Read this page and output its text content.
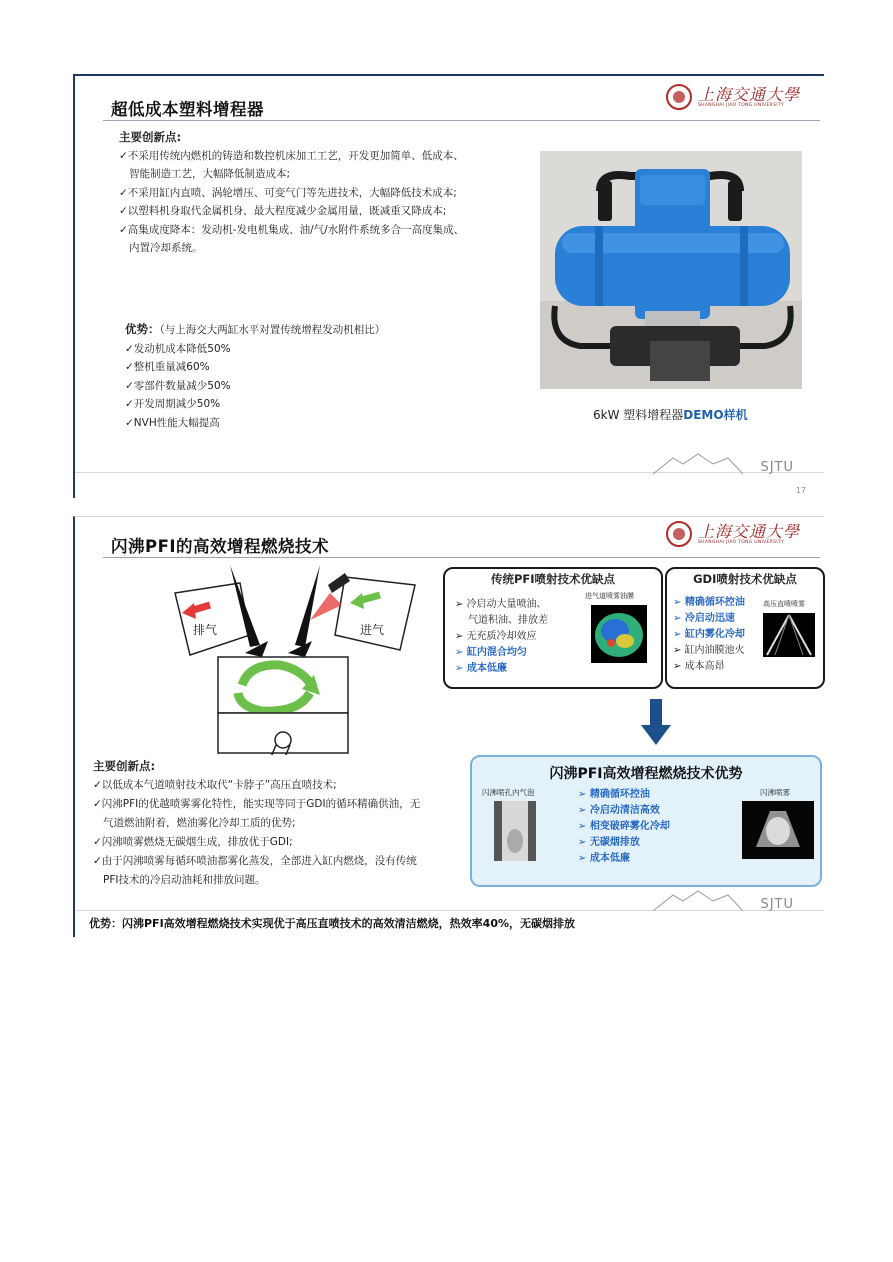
超低成本塑料增程器
上海交通大學
SHANGHAI JIAO TONG UNIVERSITY
主要创新点:
✓不采用传统内燃机的铸造和数控机床加工工艺，开发更加简单、低成本、
智能制造工艺，大幅降低制造成本;
✓不采用缸内直喷、涡轮增压、可变气门等先进技术，大幅降低技术成本;
✓以塑料机身取代金属机身，最大程度减少金属用量，既减重又降成本;
✓高集成度降本：发动机-发电机集成、油/气/水附件系统多合一高度集成、
内置冷却系统。
优势：（与上海交大两缸水平对置传统增程发动机相比）
✓发动机成本降低50%
✓整机重量减60%
✓零部件数量减少50%
✓开发周期减少50%
✓NVH性能大幅提高
6kW 塑料增程器DEMO样机
SJTU
17
闪沸PFI的高效增程燃烧技术
上海交通大學
SHANGHAI JIAO TONG UNIVERSITY
排气	进气
传统PFI喷射技术优缺点
➢ 冷启动大量喷油、
气道积油、排放差
➢ 无充质冷却效应
➢ 缸内混合均匀
➢ 成本低廉
进气道喷雾油膜
GDI喷射技术优缺点
➢ 精确循环控油
➢ 冷启动迅速
➢ 缸内雾化冷却
➢ 缸内油膜池火
➢ 成本高昂
高压直喷喷雾
闪沸PFI高效增程燃烧技术优势
闪沸喷孔内气泡	➢ 精确循环控油
➢ 冷启动清洁高效
➢ 相变破碎雾化冷却
➢ 无碳烟排放
➢ 成本低廉
闪沸喷雾
主要创新点:
✓以低成本气道喷射技术取代“卡脖子”高压直喷技术;
✓闪沸PFI的优越喷雾雾化特性，能实现等同于GDI的循环精确供油，无
气道燃油附着，燃油雾化冷却工质的优势;
✓闪沸喷雾燃烧无碳烟生成，排放优于GDI;
✓由于闪沸喷雾每循环喷油都雾化蒸发，全部进入缸内燃烧，没有传统
PFI技术的冷启动油耗和排放问题。
SJTU
优势：闪沸PFI高效增程燃烧技术实现优于高压直喷技术的高效清洁燃烧，热效率40%，无碳烟排放
